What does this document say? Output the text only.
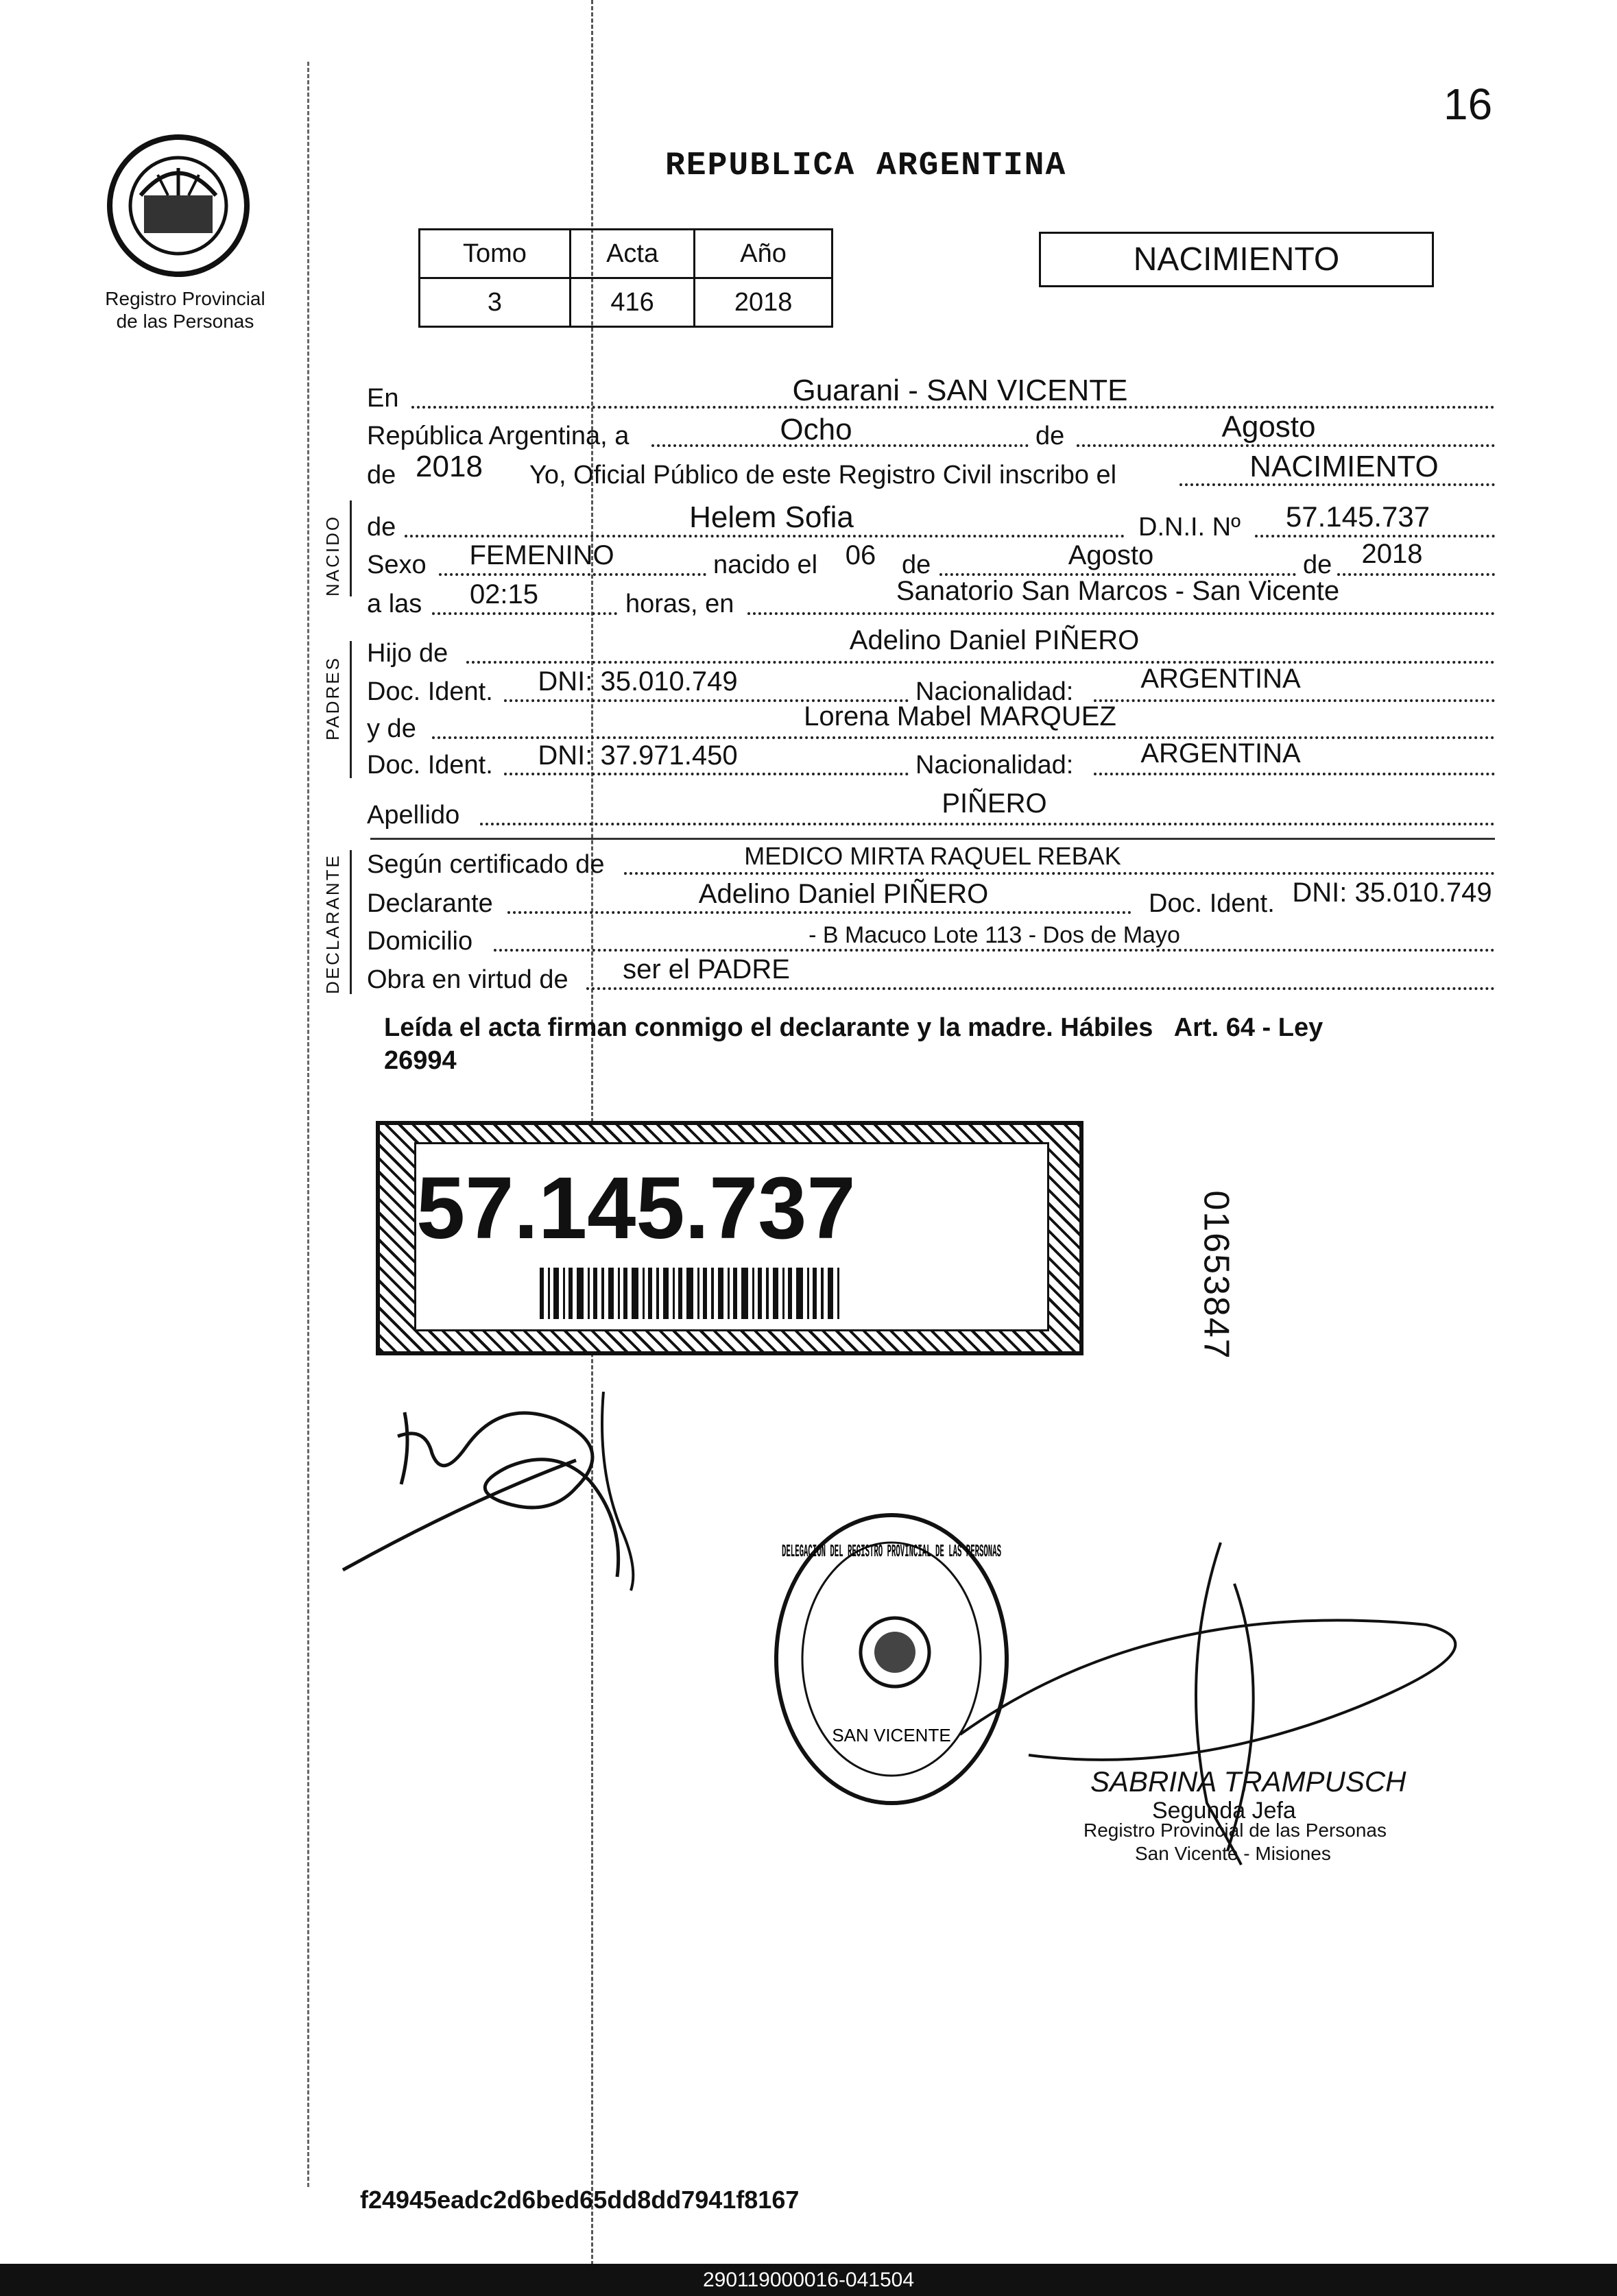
16
Registro Provincial
de las Personas
REPUBLICA ARGENTINA
Tomo	Acta	Año
3	416	2018
NACIMIENTO
En	Guarani - SAN VICENTE
República Argentina, a	Ocho	de	Agosto
de 2018	Yo, Oficial Público de este Registro Civil inscribo el	NACIMIENTO
NACIDO de	Helem Sofia	D.N.I. Nº	57.145.737
Sexo	FEMENINO	nacido el	06 de	Agosto	de	2018
a las	02:15	horas, en	Sanatorio San Marcos - San Vicente
PADRES
Hijo de	Adelino Daniel PIÑERO
Doc. Ident.	DNI: 35.010.749	Nacionalidad:	ARGENTINA
y de	Lorena Mabel MARQUEZ
Doc. Ident.	DNI: 37.971.450	Nacionalidad:	ARGENTINA
Apellido	PIÑERO
DECLARANTE Según certificado de	MEDICO MIRTA RAQUEL REBAK
Declarante	Adelino Daniel PIÑERO	Doc. Ident. DNI: 35.010.749
Domicilio	- B Macuco Lote 113 - Dos de Mayo
Obra en virtud de	ser el PADRE
Leída el acta firman conmigo el declarante y la madre. Hábiles   Art. 64 - Ley
26994
57.145.737	01653847
DELEGACION DEL REGISTRO PROVINCIAL DE LAS PERSONAS
SAN VICENTE
SABRINA TRAMPUSCH
Segunda Jefa
Registro Provincial de las Personas
San Vicente - Misiones
f24945eadc2d6bed65dd8dd7941f8167
290119000016-041504
